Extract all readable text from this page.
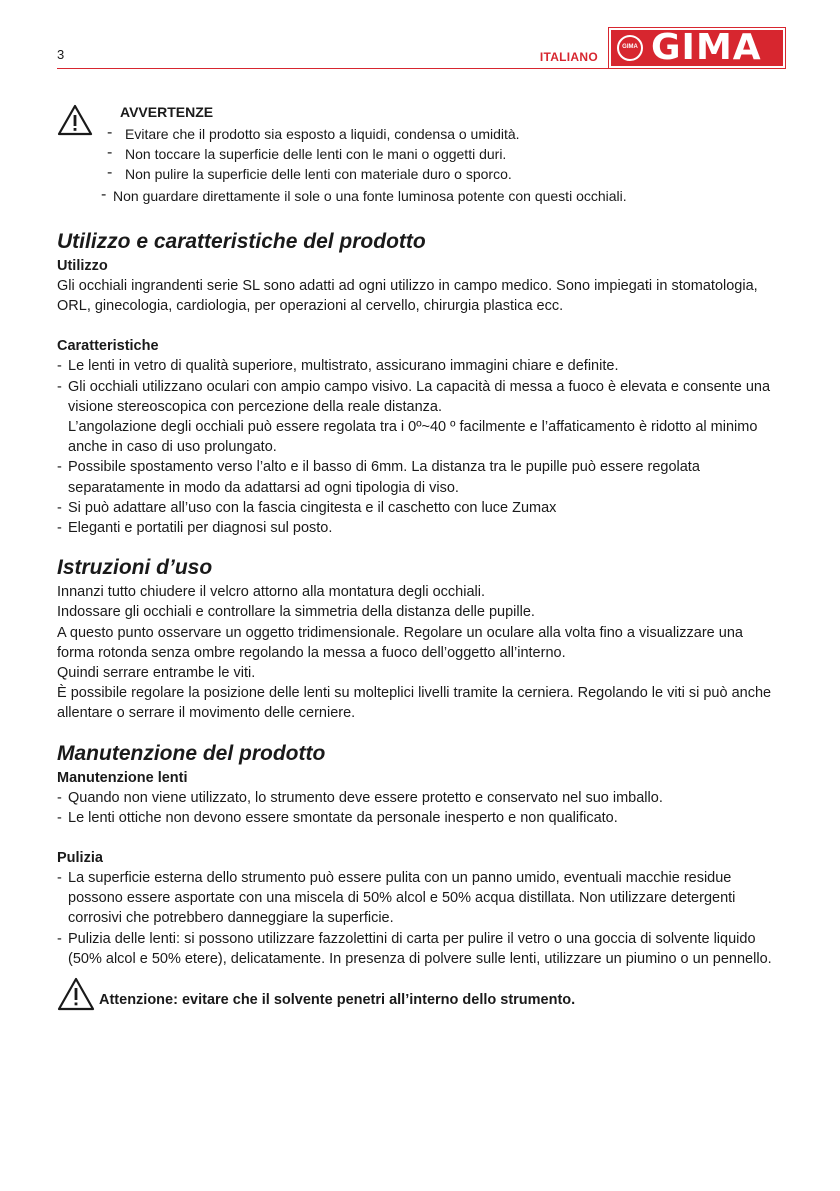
3	ITALIANO
GIMA GIMA
AVVERTENZE
- Evitare che il prodotto sia esposto a liquidi, condensa o umidità.
- Non toccare la superficie delle lenti con le mani o oggetti duri.
- Non pulire la superficie delle lenti con materiale duro o sporco.
- Non guardare direttamente il sole o una fonte luminosa potente con questi occhiali.
Utilizzo e caratteristiche del prodotto
Utilizzo

Gli occhiali ingrandenti serie SL sono adatti ad ogni utilizzo in campo medico. Sono impiegati in stomatologia, ORL, ginecologia, cardiologia, per operazioni al cervello, chirurgia plastica ecc.

Caratteristiche
- Le lenti in vetro di qualità superiore, multistrato, assicurano immagini chiare e definite.
- Gli occhiali utilizzano oculari con ampio campo visivo. La capacità di messa a fuoco è elevata e consente una visione stereoscopica con percezione della reale distanza.
L’angolazione degli occhiali può essere regolata tra i 0º~40 º facilmente e l’affaticamento è ridotto al minimo anche in caso di uso prolungato.
- Possibile spostamento verso l’alto e il basso di 6mm. La distanza tra le pupille può essere regolata separatamente in modo da adattarsi ad ogni tipologia di viso.
- Si può adattare all’uso con la fascia cingitesta e il caschetto con luce Zumax
- Eleganti e portatili per diagnosi sul posto.
Istruzioni d’uso

Innanzi tutto chiudere il velcro attorno alla montatura degli occhiali.

Indossare gli occhiali e controllare la simmetria della distanza delle pupille.

A questo punto osservare un oggetto tridimensionale. Regolare un oculare alla volta fino a visualizzare una forma rotonda senza ombre regolando la messa a fuoco dell’oggetto all’interno.

Quindi serrare entrambe le viti.

È possibile regolare la posizione delle lenti su molteplici livelli tramite la cerniera. Regolando le viti si può anche allentare o serrare il movimento delle cerniere.

Manutenzione del prodotto
Manutenzione lenti
- Quando non viene utilizzato, lo strumento deve essere protetto e conservato nel suo imballo.
- Le lenti ottiche non devono essere smontate da personale inesperto e non qualificato.
Pulizia
- La superficie esterna dello strumento può essere pulita con un panno umido, eventuali macchie residue possono essere asportate con una miscela di 50% alcol e 50% acqua distillata. Non utilizzare detergenti corrosivi che potrebbero danneggiare la superficie.
- Pulizia delle lenti: si possono utilizzare fazzolettini di carta per pulire il vetro o una goccia di solvente liquido (50% alcol e 50% etere), delicatamente. In presenza di polvere sulle lenti, utilizzare un piumino o un pennello.
Attenzione: evitare che il solvente penetri all’interno dello strumento.
